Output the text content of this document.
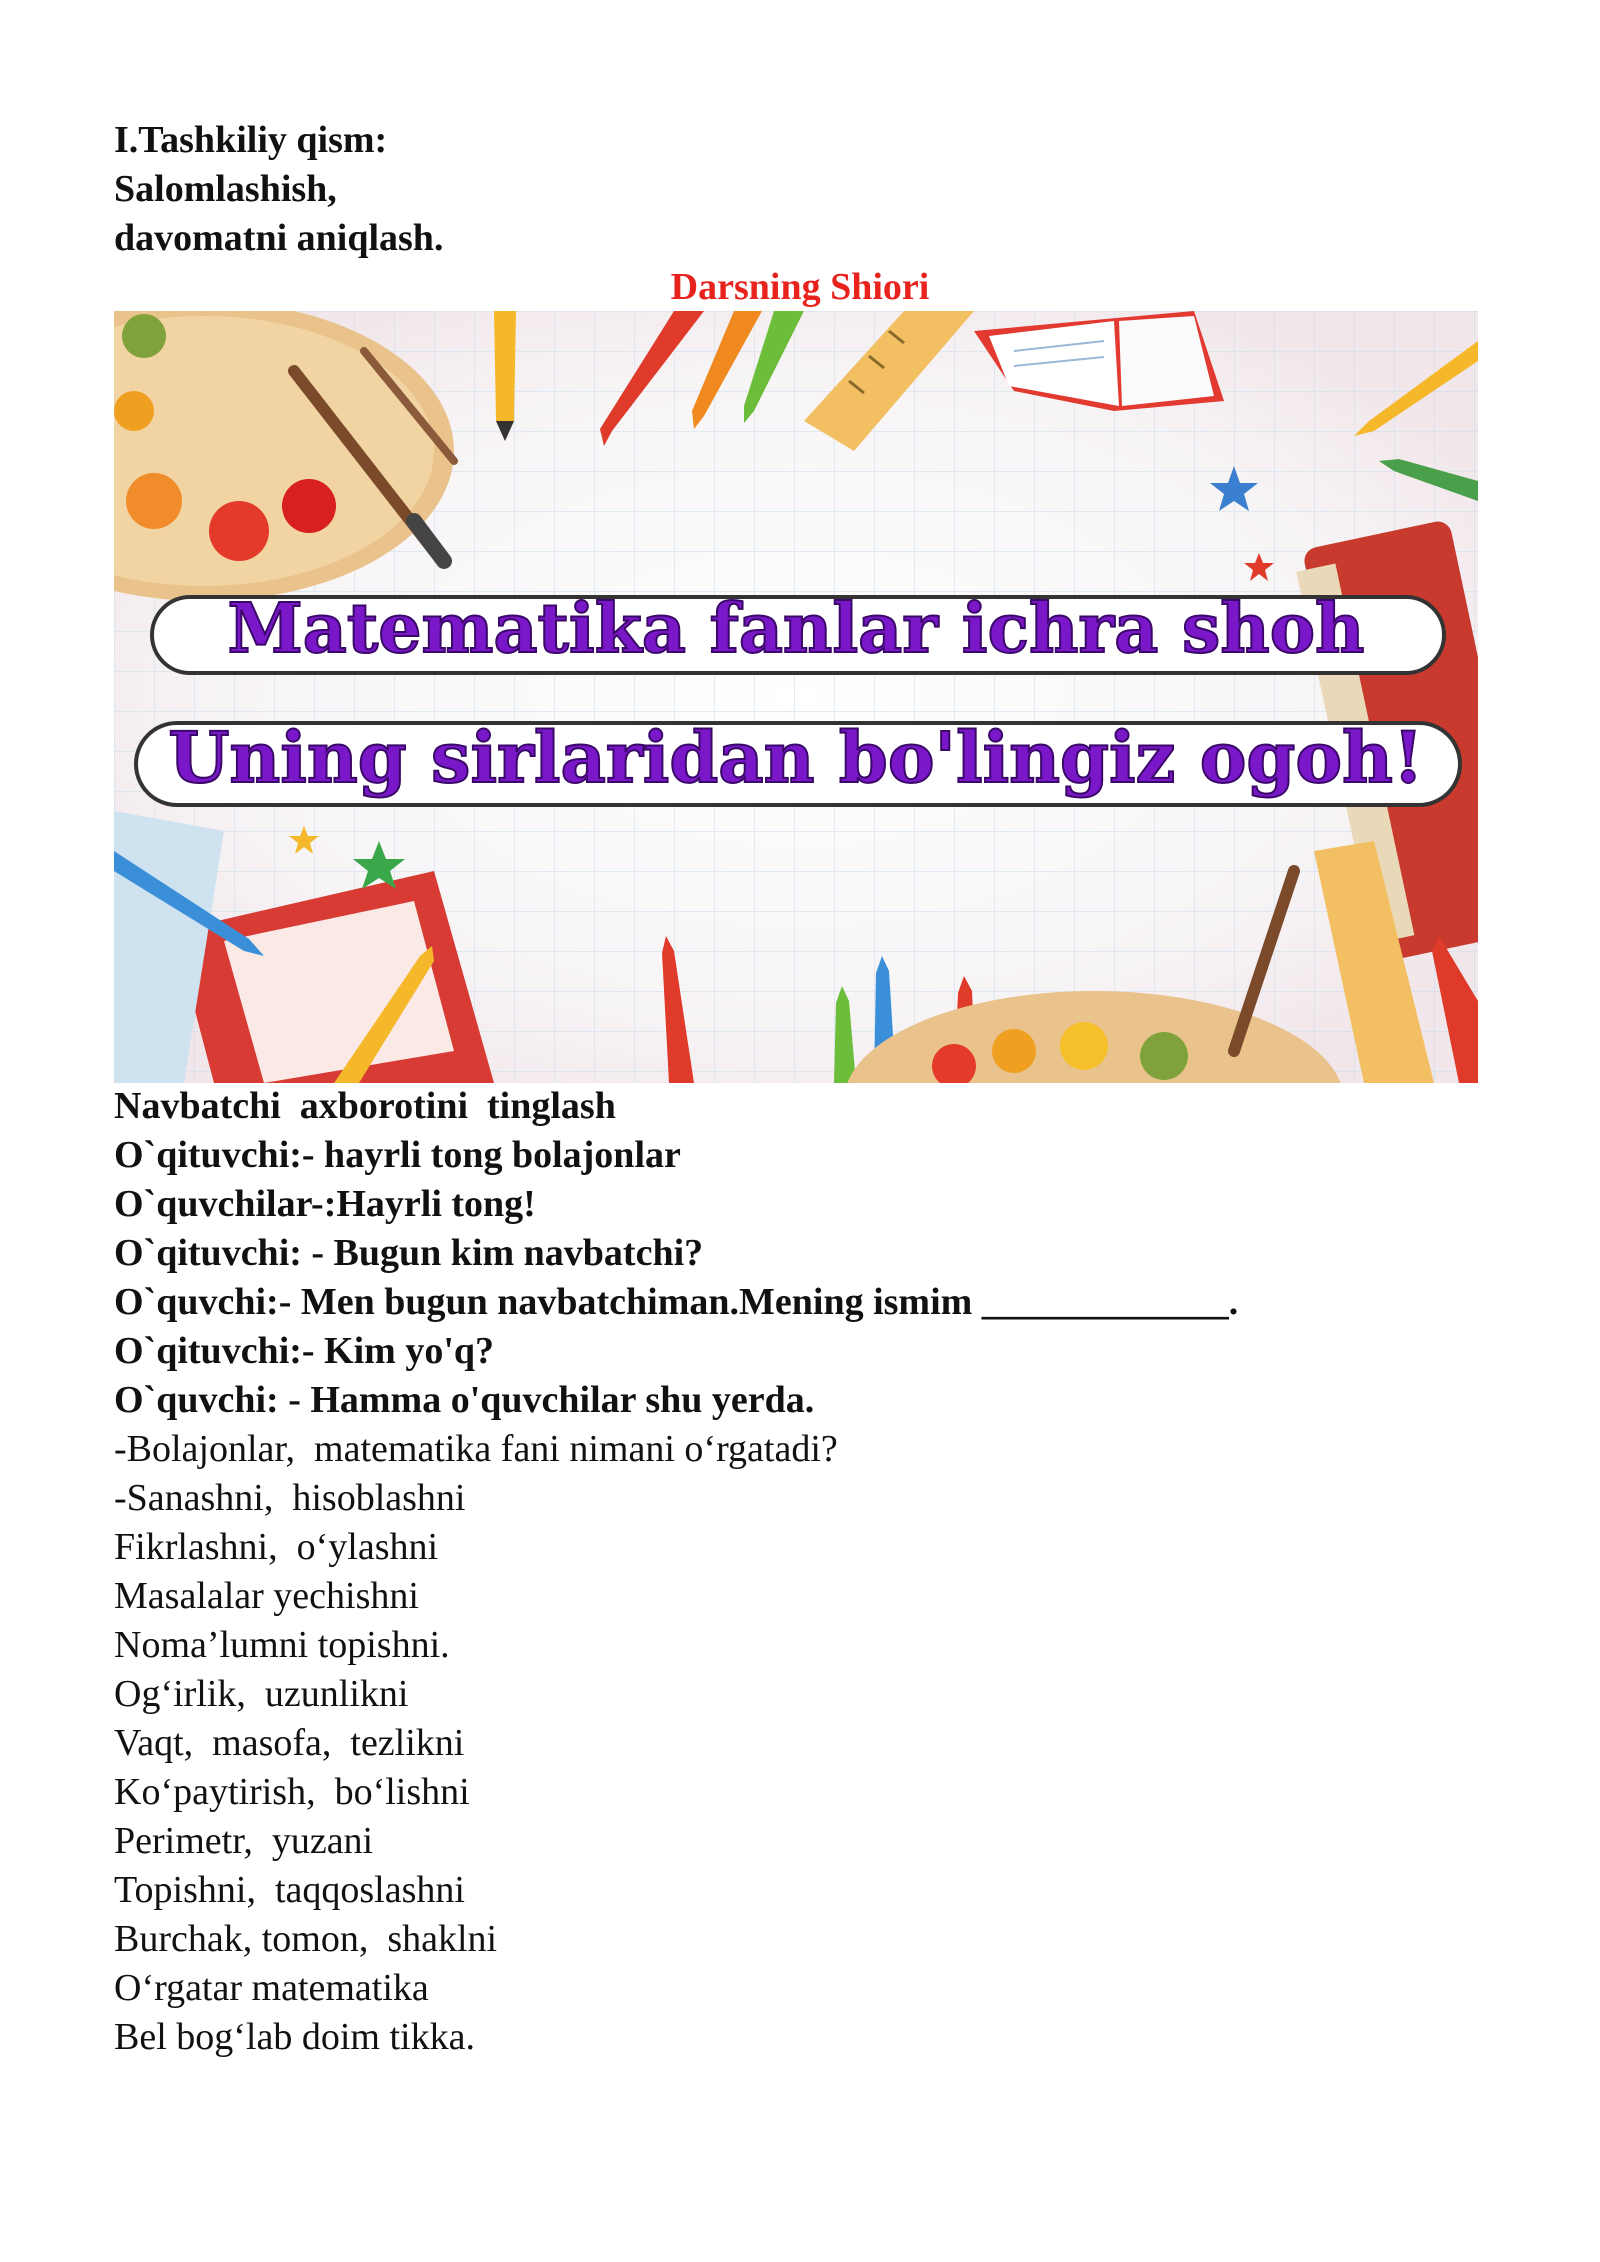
I.Tashkiliy qism:
Salomlashish,
davomatni aniqlash.
Darsning Shiori
Matematika fanlar ichra shoh
Uning sirlaridan bo'lingiz ogoh!
Navbatchi  axborotini  tinglash
O`qituvchi:- hayrli tong bolajonlar
O`quvchilar-:Hayrli tong!
O`qituvchi: - Bugun kim navbatchi?
O`quvchi:- Men bugun navbatchiman.Mening ismim _____________.
O`qituvchi:- Kim yo'q?
O`quvchi: - Hamma o'quvchilar shu yerda.
-Bolajonlar,  matematika fani nimani o‘rgatadi?
-Sanashni,  hisoblashni
Fikrlashni,  o‘ylashni
Masalalar yechishni
Noma’lumni topishni.
Og‘irlik,  uzunlikni
Vaqt,  masofa,  tezlikni
Ko‘paytirish,  bo‘lishni
Perimetr,  yuzani
Topishni,  taqqoslashni
Burchak, tomon,  shaklni
O‘rgatar matematika
Bel bog‘lab doim tikka.
